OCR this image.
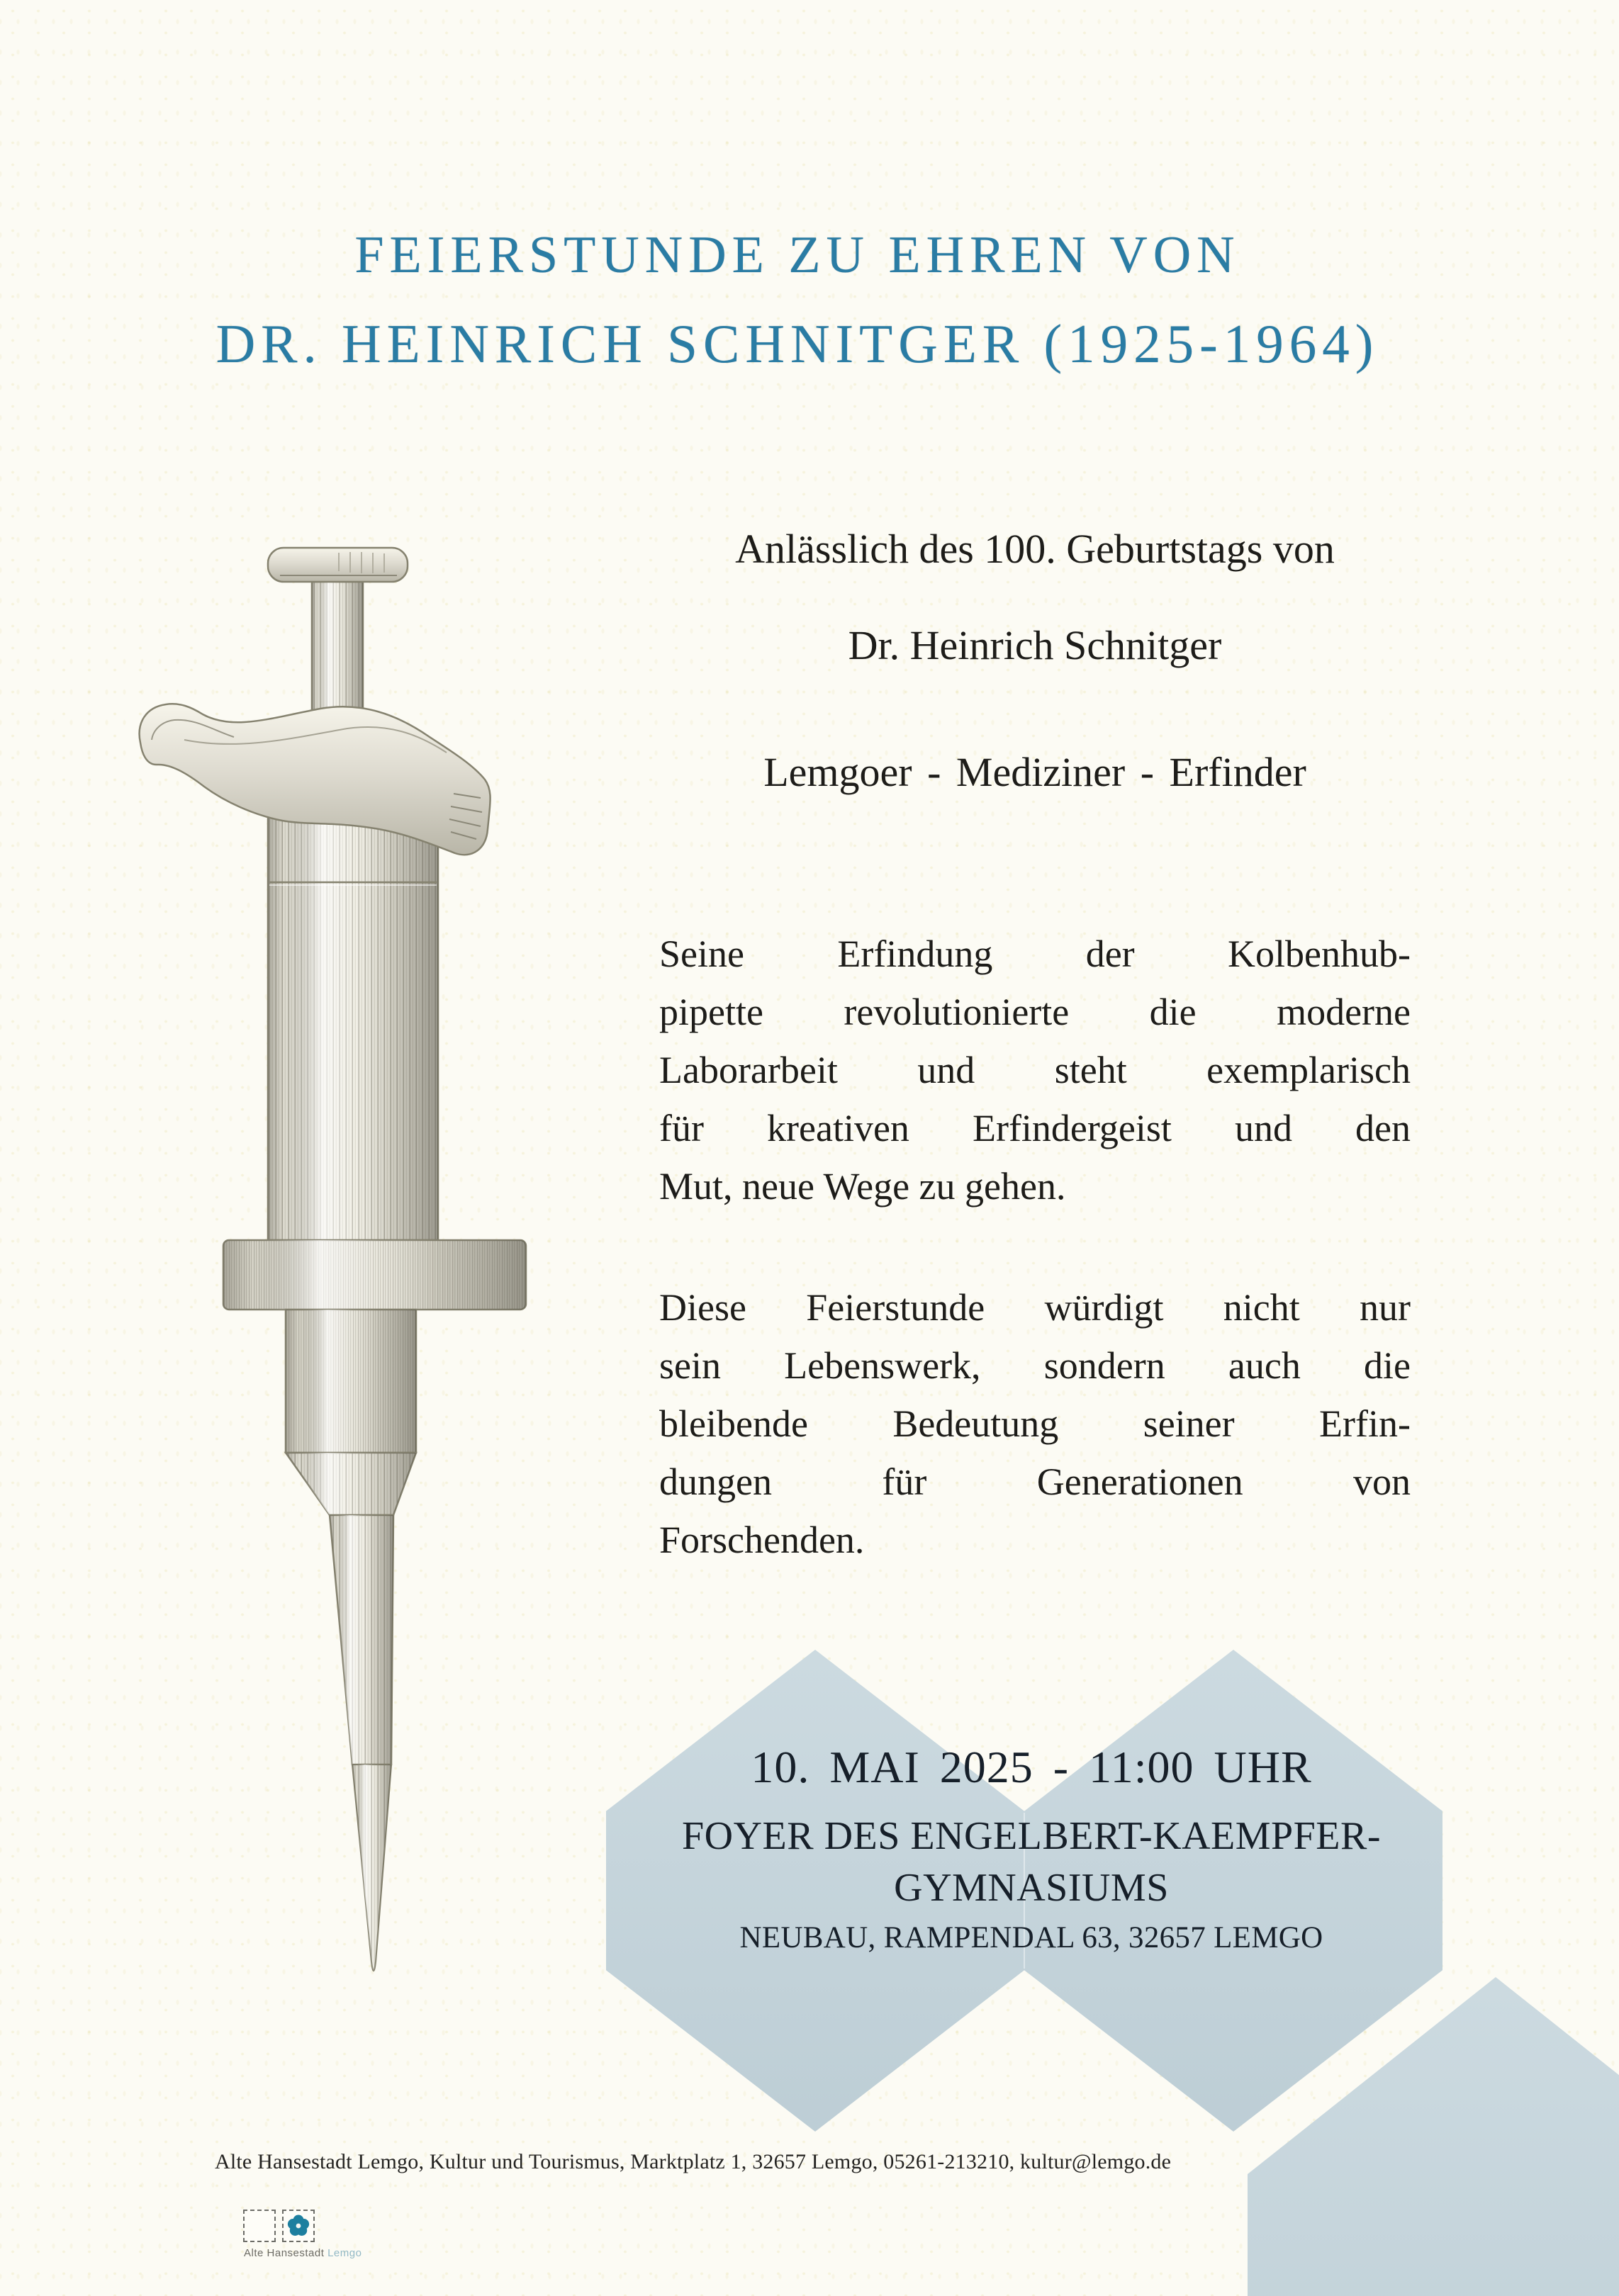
FEIERSTUNDE ZU EHREN VON
DR. HEINRICH SCHNITGER (1925-1964)
Anlässlich des 100. Geburtstags von
Dr. Heinrich Schnitger
Lemgoer - Mediziner - Erfinder
Seine Erfindung der Kolbenhub-
pipette revolutionierte die moderne
Laborarbeit und steht exemplarisch
für kreativen Erfindergeist und den
Mut, neue Wege zu gehen.
Diese Feierstunde würdigt nicht nur
sein Lebenswerk, sondern auch die
bleibende Bedeutung seiner Erfin-
dungen für Generationen von
Forschenden.
10. MAI 2025 - 11:00 UHR
FOYER DES ENGELBERT-KAEMPFER-
GYMNASIUMS
NEUBAU, RAMPENDAL 63, 32657 LEMGO
Alte Hansestadt Lemgo, Kultur und Tourismus, Marktplatz 1, 32657 Lemgo, 05261-213210, kultur@lemgo.de
Alte Hansestadt Lemgo
